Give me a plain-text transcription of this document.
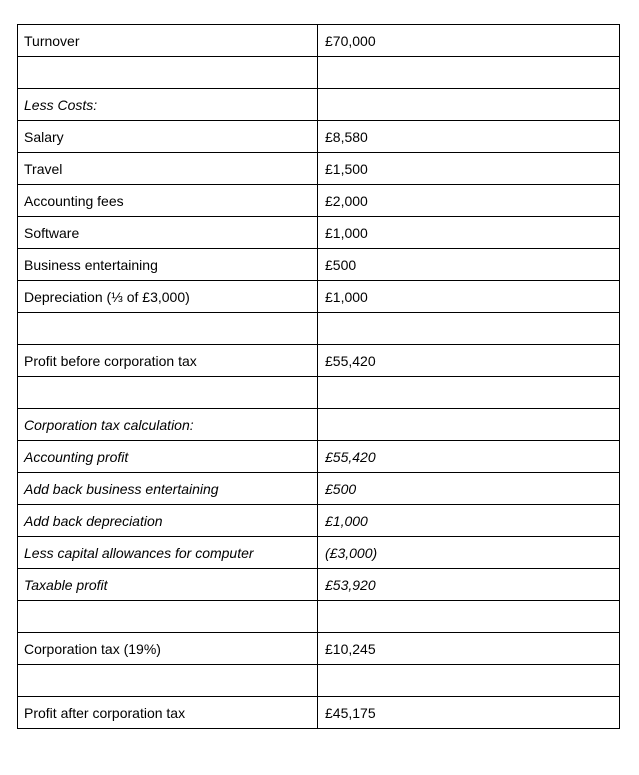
Turnover	£70,000

Less Costs:	
Salary	£8,580
Travel	£1,500
Accounting fees	£2,000
Software	£1,000
Business entertaining	£500
Depreciation (⅓ of £3,000)	£1,000

Profit before corporation tax	£55,420

Corporation tax calculation:	
Accounting profit	£55,420
Add back business entertaining	£500
Add back depreciation	£1,000
Less capital allowances for computer	(£3,000)
Taxable profit	£53,920

Corporation tax (19%)	£10,245

Profit after corporation tax	£45,175
